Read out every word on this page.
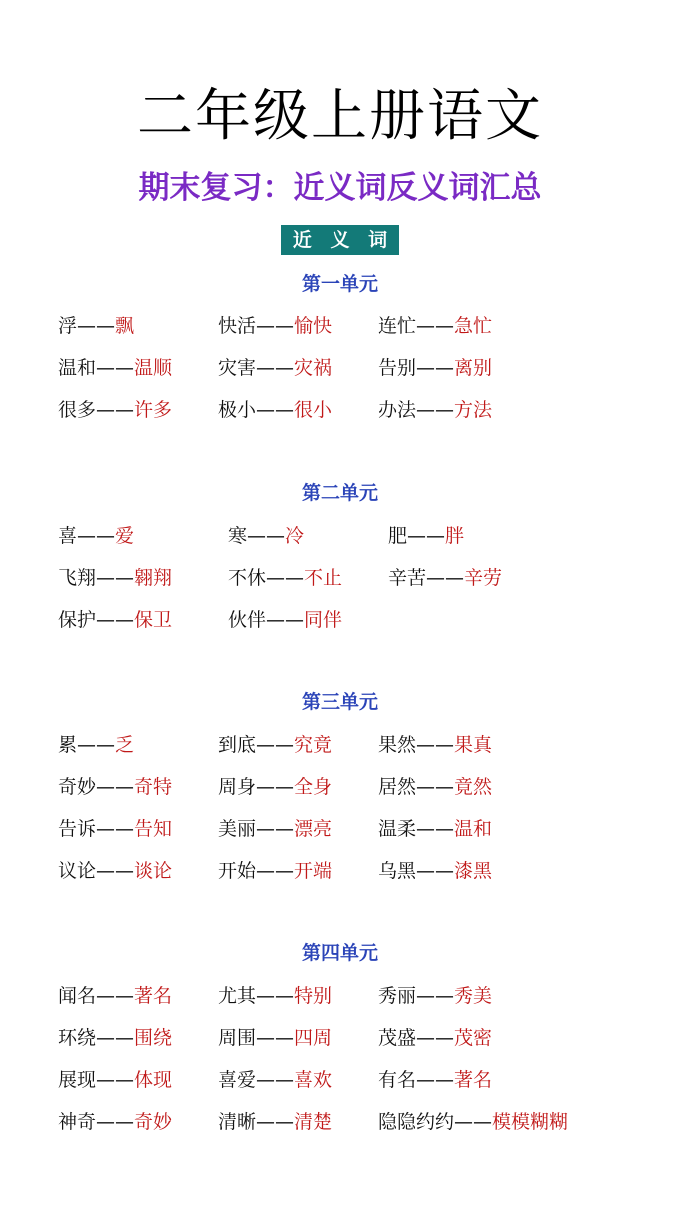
二年级上册语文
期末复习：近义词反义词汇总
近 义 词
第一单元
浮——飘	快活——愉快 连忙——急忙
温和——温顺 灾害——灾祸 告别——离别
很多——许多 极小——很小 办法——方法
第二单元
喜——爱	寒——冷	肥——胖
飞翔——翱翔	不休——不止 辛苦——辛劳
保护——保卫	伙伴——同伴
第三单元
累——乏	到底——究竟 果然——果真
奇妙——奇特 周身——全身 居然——竟然
告诉——告知 美丽——漂亮 温柔——温和
议论——谈论 开始——开端 乌黑——漆黑
第四单元
闻名——著名 尤其——特别 秀丽——秀美
环绕——围绕 周围——四周 茂盛——茂密
展现——体现 喜爱——喜欢 有名——著名
神奇——奇妙 清晰——清楚 隐隐约约——模模糊糊
